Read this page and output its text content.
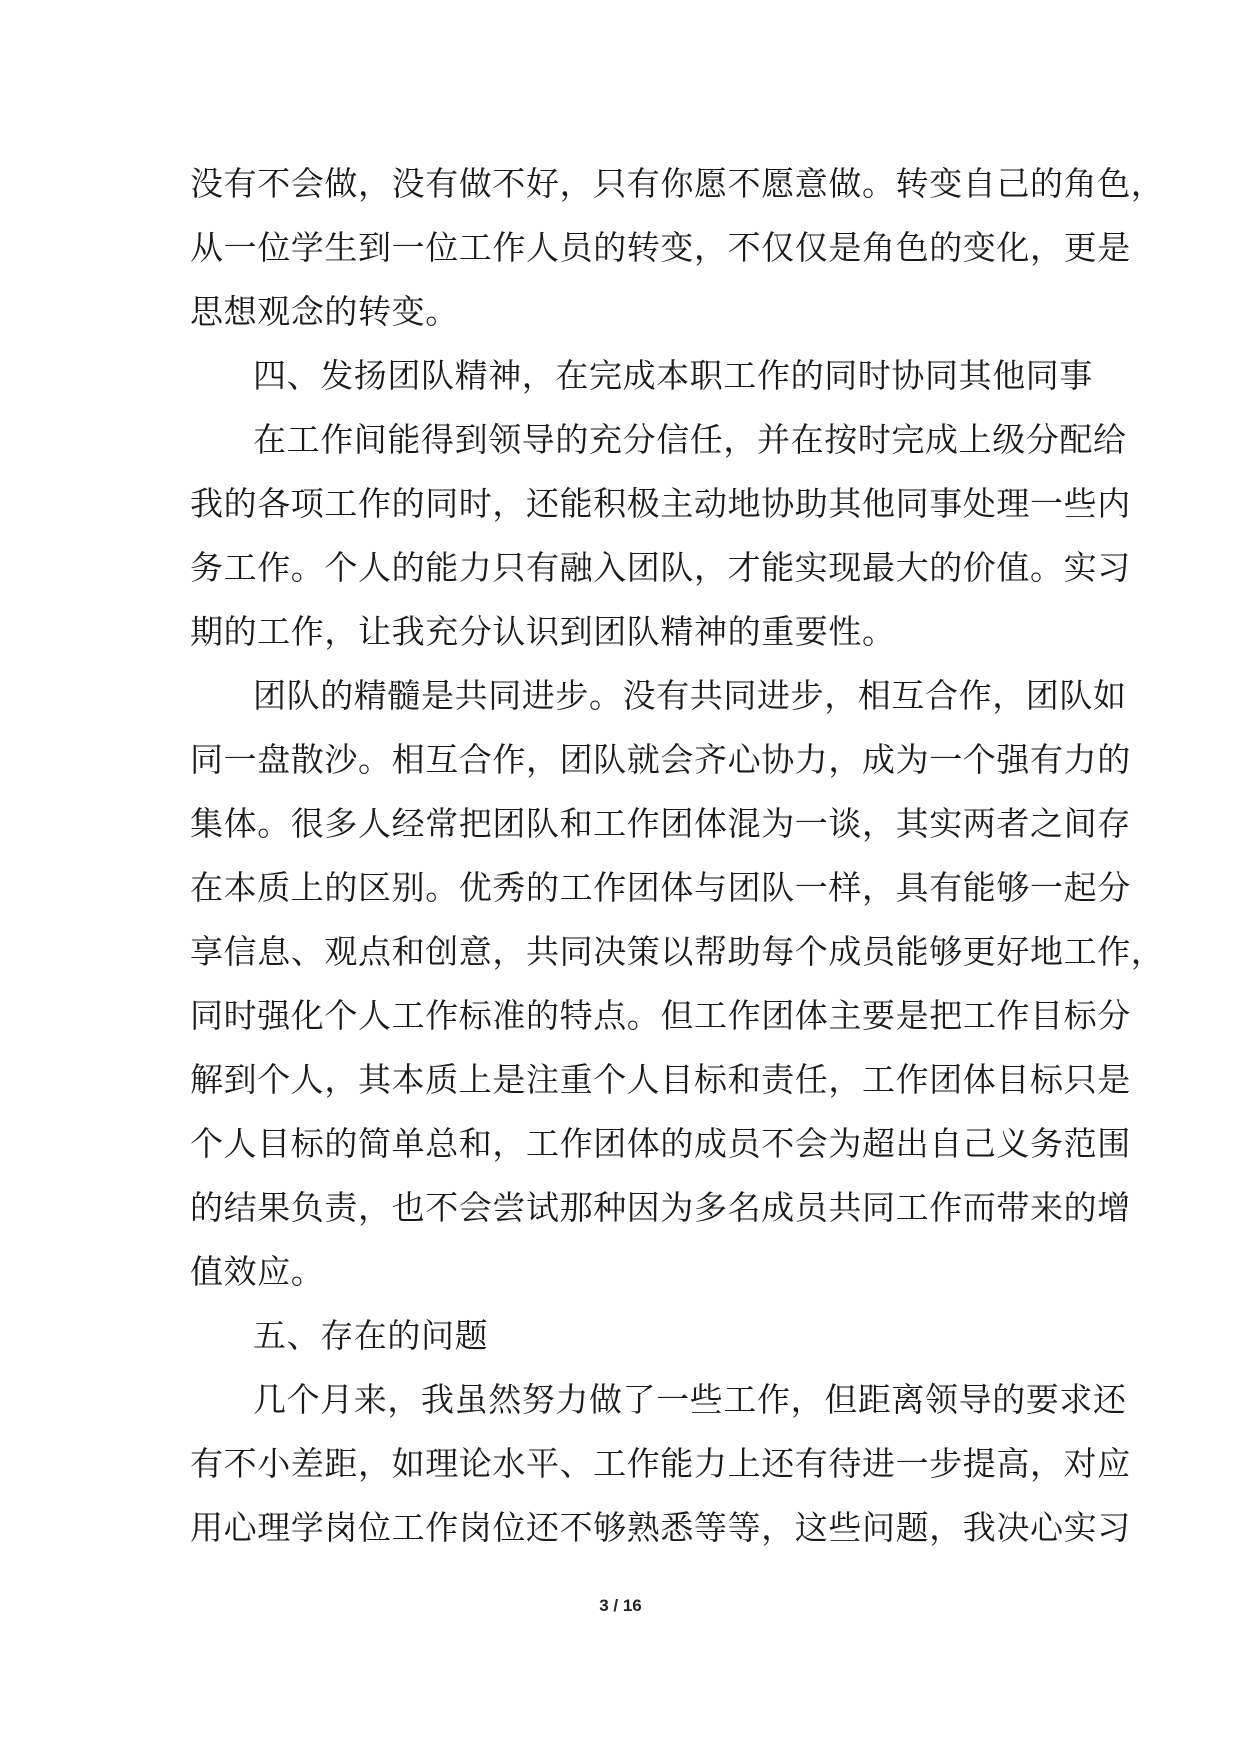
没有不会做，没有做不好，只有你愿不愿意做。转变自己的角色，
从一位学生到一位工作人员的转变，不仅仅是角色的变化，更是
思想观念的转变。
四、发扬团队精神，在完成本职工作的同时协同其他同事
在工作间能得到领导的充分信任，并在按时完成上级分配给
我的各项工作的同时，还能积极主动地协助其他同事处理一些内
务工作。个人的能力只有融入团队，才能实现最大的价值。实习
期的工作，让我充分认识到团队精神的重要性。
团队的精髓是共同进步。没有共同进步，相互合作，团队如
同一盘散沙。相互合作，团队就会齐心协力，成为一个强有力的
集体。很多人经常把团队和工作团体混为一谈，其实两者之间存
在本质上的区别。优秀的工作团体与团队一样，具有能够一起分
享信息、观点和创意，共同决策以帮助每个成员能够更好地工作，
同时强化个人工作标准的特点。但工作团体主要是把工作目标分
解到个人，其本质上是注重个人目标和责任，工作团体目标只是
个人目标的简单总和，工作团体的成员不会为超出自己义务范围
的结果负责，也不会尝试那种因为多名成员共同工作而带来的增
值效应。
五、存在的问题
几个月来，我虽然努力做了一些工作，但距离领导的要求还
有不小差距，如理论水平、工作能力上还有待进一步提高，对应
用心理学岗位工作岗位还不够熟悉等等，这些问题，我决心实习
3 / 16
